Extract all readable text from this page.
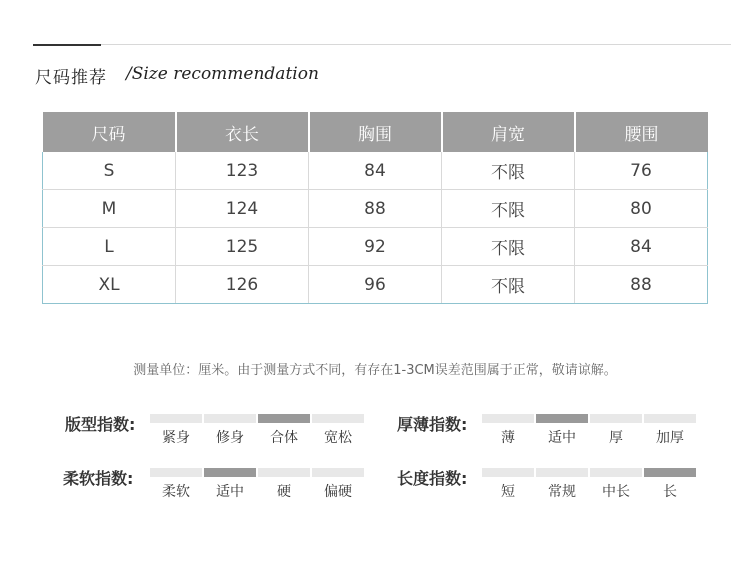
尺码推荐 /Size recommendation
尺码	衣长	胸围	肩宽	腰围
S	123	84	不限	76
M	124	88	不限	80
L	125	92	不限	84
XL	126	96	不限	88
测量单位：厘米。由于测量方式不同，有存在1-3CM误差范围属于正常，敬请谅解。
版型指数:
紧身	修身	合体	宽松
厚薄指数:
薄	适中	厚	加厚
柔软指数:
柔软	适中	硬	偏硬
长度指数:
短	常规	中长	长
